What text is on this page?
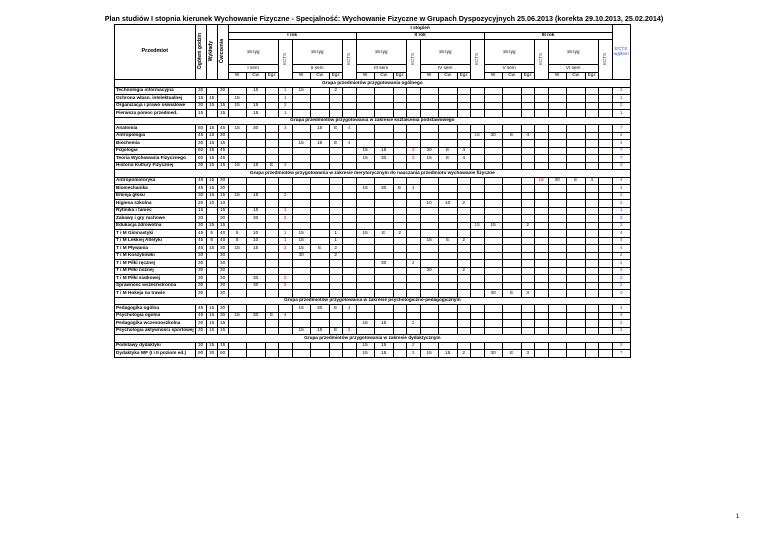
Plan studiów I stopnia kierunek Wychowanie Fizyczne - Specjalność: Wychowanie Fizyczne w Grupach Dyspozycyjnych 25.06.2013 (korekta 29.10.2013, 25.02.2014)
Przedmiot	Ogółem godzin	Wykłady	Ćwiczenia	I stopień																								ECTS ogółem
				I rok								II rok								III rok								
				15 tyg			ECTS	15 tyg			ECTS	15 tyg			ECTS	15 tyg			ECTS	15 tyg			ECTS	15 tyg			ECTS	
				I sem				II sem				III sem				IV sem				V sem				VI sem				
				W	Ćw	Egz		W	Ćw	Egz		W	Ćw	Egz		W	Ćw	Egz		W	Ćw	Egz		W	Ćw	Egz		
Grupa przedmiotów przygotowania ogólnego																												
Technologia informacyjna	30		30		15		1	15		2																		2
Ochrona własn. intelektualnej	15	15		15			1																					1
Organizacja i prawo oświatowe	30	15	15	15	15		2																					2
Pierwsza pomoc przedmed.	15		15		15		1																					1
Grupa przedmiotów przygotowania w zakresie kształcenia podstawowego																												
Anatomia	60	15	45	15	30		3		15	E	4																	7
Antropologia	45	15	30																15	30	E	4						4
Biochemia	30	15	15					15	15	E	4																	4
Fizjologia	60	15	45									15	15		3	30	E	4										7
Teoria Wychowania Fizycznego	60	15	45									15	30		3	15	E	4										7
Historia Kultury Fizycznej	30	15	15	15	15	E	3																					3
Grupa przedmiotów przygotowania w zakresie merytorycznym do nauczania przedmiotu wychowanie fizyczne																												
Antropomotoryka	45	15	30																				15	30	E	4		4
Biomechanika	45	15	30									15	30	E	4													4
Emisja głosu	30	15	15	15	15		2																					2
Higiena szkolna	20	10	10													10	10	2										2
Rytmika i taniec	15		15		15		1																					1
Zabawy i gry ruchowe	30		30		30		2																					2
Edukacja zdrowotna	30	15	15																15	15		2						2
T i M Gimnastyki	45	5	40	5	10		1	15		1		15	E	2														4
T i M Lekkiej Atletyki	45	5	40	5	10		1	15		1						15	E	2										4
T i M Pływania	45	15	30	15	15		2	15	E	2																		4
T i M Koszykówki	30		30					30		2																		2
T i M Piłki ręcznej	30		30										30		2													2
T i M Piłki nożnej	30		30													30		2										2
T i M Piłki siatkowej	30		30		30		2																					2
Sprawność wszechstronna	30		30		30		2																					2
T i M Hokeja na trawie	30		30																	30	E	3						3
Grupa przedmiotów przygotowania w zakresie psychologiczno-pedagogicznym																												
Pedagogika ogólna	45	15	30					15	30	E	4																	4
Psychologia ogólna	45	15	30	15	30	E	4																					4
Pedagogika wczesnoszkolna	30	15	15									15	15		2													2
Psychologia aktywności sportowej	30	15	15					15	15	E	2																	2
Grupa przedmiotów przygotowania w zakresie dydaktycznym																												
Podstawy dydaktyki	30	15	15									15	15		2													2
Dydaktyka WF (I i II poziom ed.)	90	30	60									15	15		2	15	15	2		30	E	3						7
1
